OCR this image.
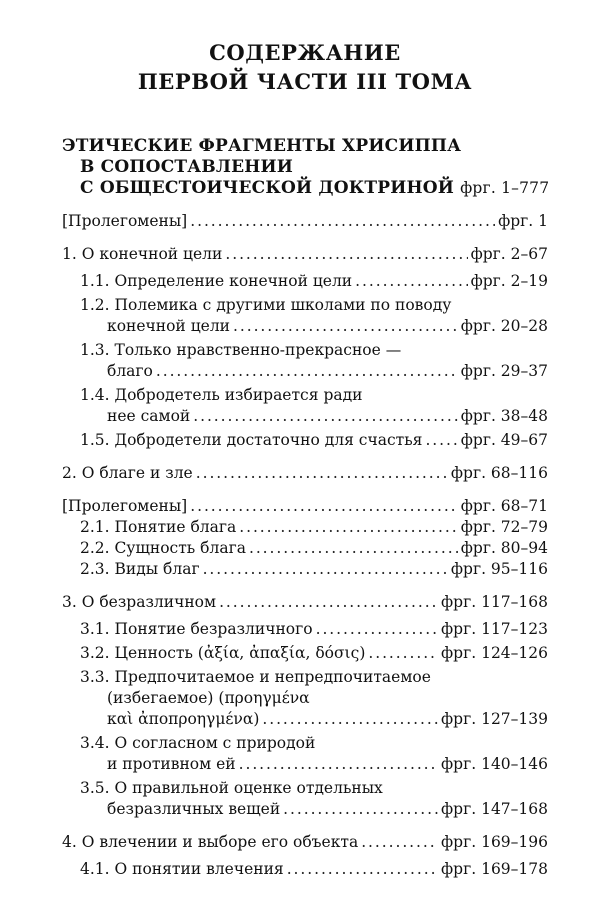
СОДЕРЖАНИЕ
ПЕРВОЙ ЧАСТИ III ТОМА
ЭТИЧЕСКИЕ ФРАГМЕНТЫ ХРИСИППА
В СОПОСТАВЛЕНИИ
С ОБЩЕСТОИЧЕСКОЙ ДОКТРИНОЙ фрг. 1–777
[Пролегомены] . . .	фрг. 1
1. О конечной цели . . .	фрг. 2–67
1.1. Определение конечной цели . . .	фрг. 2–19
1.2. Полемика с другими школами по поводу
конечной цели . . .	фрг. 20–28
1.3. Только нравственно-прекрасное —
благо . . .	фрг. 29–37
1.4. Добродетель избирается ради
нее самой . . .	фрг. 38–48
1.5. Добродетели достаточно для счастья . . . фрг. 49–67
2. О благе и зле . . .	фрг. 68–116
[Пролегомены] . . .	фрг. 68–71
2.1. Понятие блага . . .	фрг. 72–79
2.2. Сущность блага . . .	фрг. 80–94
2.3. Виды благ . . .	фрг. 95–116
3. О безразличном . . .	фрг. 117–168
3.1. Понятие безразличного . . .	фрг. 117–123
3.2. Ценность (ἀξία, ἀπαξία, δόσις) . . .	фрг. 124–126
3.3. Предпочитаемое и непредпочитаемое
(избегаемое) (προηγμένα
καὶ ἀποπροηγμένα) . . .	фрг. 127–139
3.4. О согласном с природой
и противном ей . . .	фрг. 140–146
3.5. О правильной оценке отдельных
безразличных вещей . . .	фрг. 147–168
4. О влечении и выборе его объекта . . .	фрг. 169–196
4.1. О понятии влечения . . .	фрг. 169–178
